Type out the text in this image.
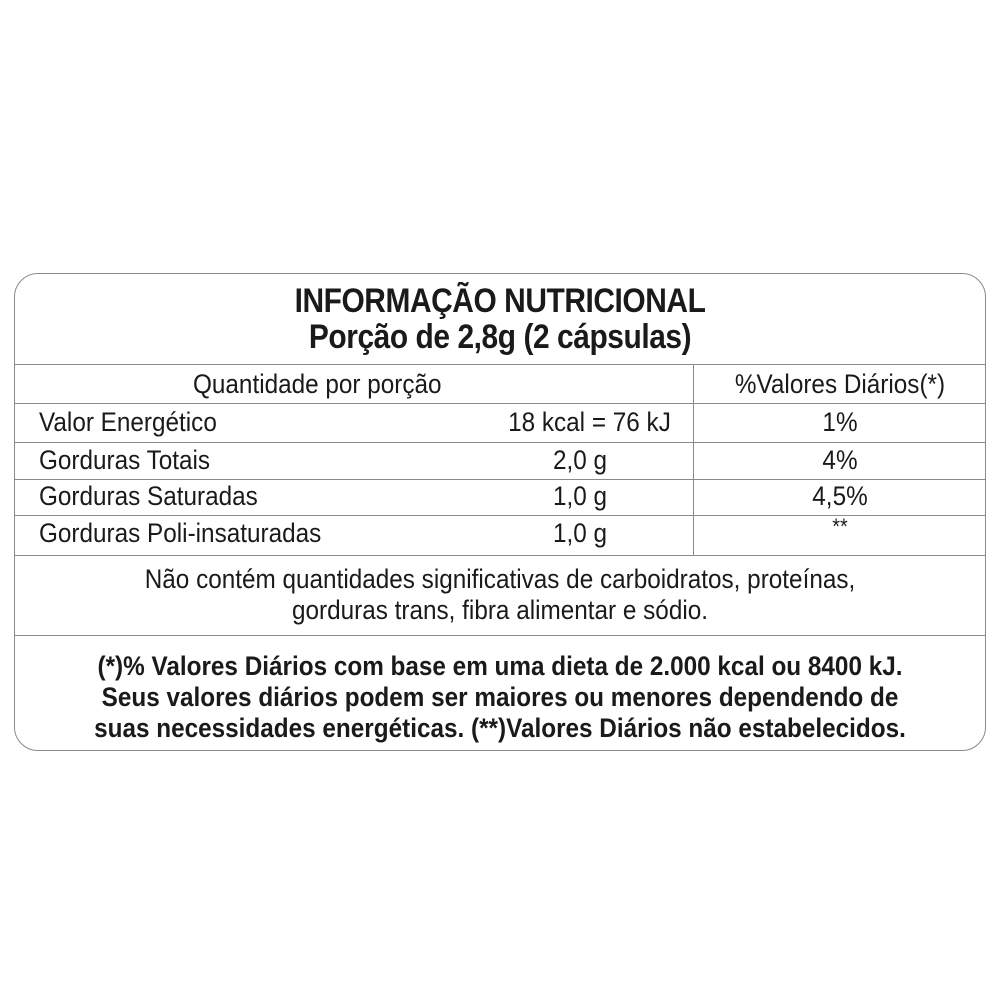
INFORMAÇÃO NUTRICIONAL
Porção de 2,8g (2 cápsulas)
Quantidade por porção	%Valores Diários(*)
Valor Energético	18 kcal = 76 kJ	1%
Gorduras Totais	2,0 g	4%
Gorduras Saturadas	1,0 g	4,5%
Gorduras Poli-insaturadas	1,0 g	**
Não contém quantidades significativas de carboidratos, proteínas,
gorduras trans, fibra alimentar e sódio.
(*)% Valores Diários com base em uma dieta de 2.000 kcal ou 8400 kJ.
Seus valores diários podem ser maiores ou menores dependendo de
suas necessidades energéticas. (**)Valores Diários não estabelecidos.
